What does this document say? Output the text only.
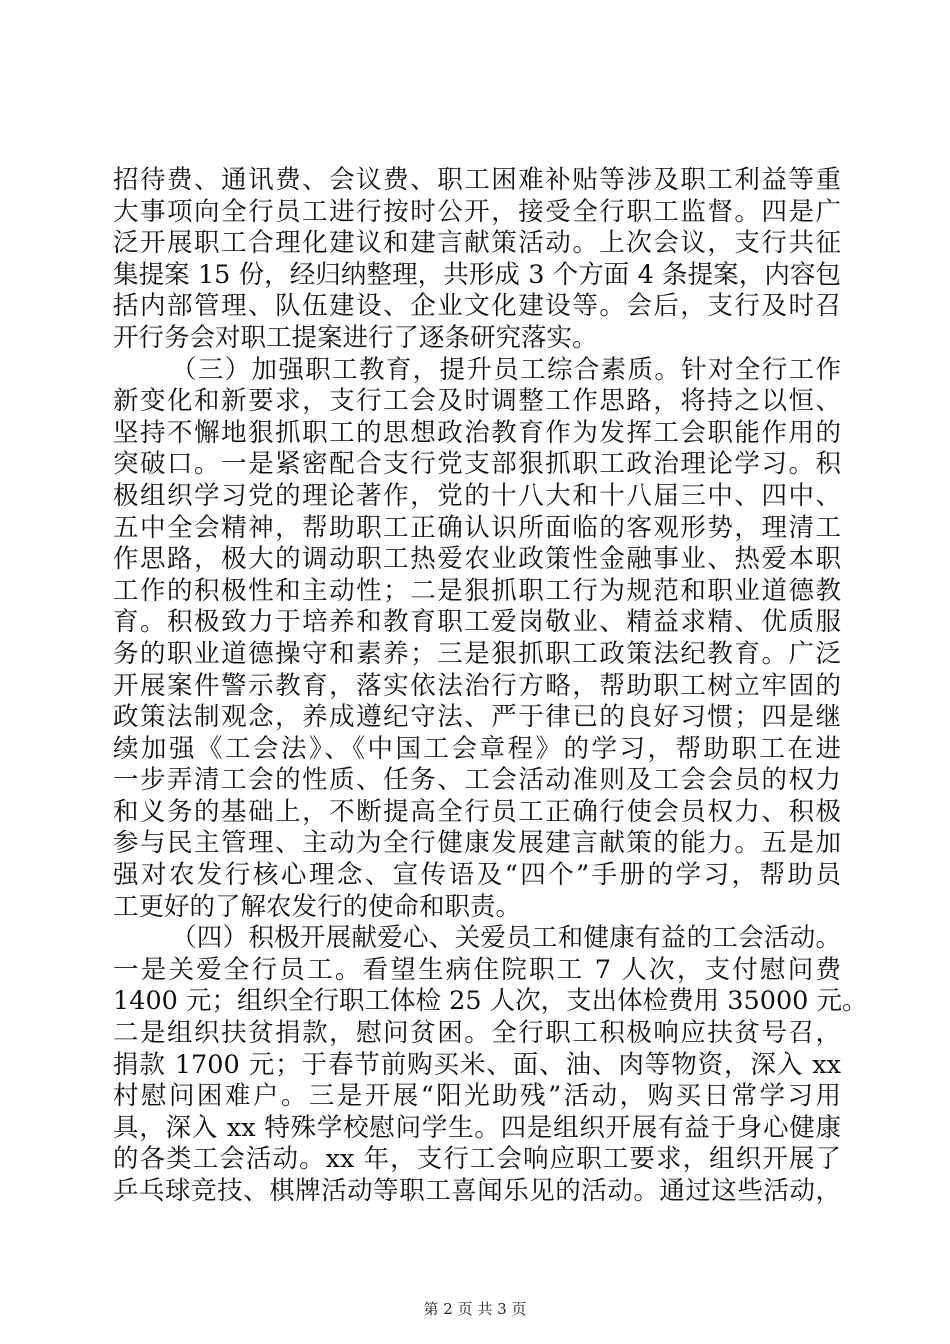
招待费、通讯费、会议费、职工困难补贴等涉及职工利益等重
大事项向全行员工进行按时公开，接受全行职工监督。四是广
泛开展职工合理化建议和建言献策活动。上次会议，支行共征
集提案 15 份，经归纳整理，共形成 3 个方面 4 条提案，内容包
括内部管理、队伍建设、企业文化建设等。会后，支行及时召
开行务会对职工提案进行了逐条研究落实。
（三）加强职工教育，提升员工综合素质。针对全行工作
新变化和新要求，支行工会及时调整工作思路，将持之以恒、
坚持不懈地狠抓职工的思想政治教育作为发挥工会职能作用的
突破口。一是紧密配合支行党支部狠抓职工政治理论学习。积
极组织学习党的理论著作，党的十八大和十八届三中、四中、
五中全会精神，帮助职工正确认识所面临的客观形势，理清工
作思路，极大的调动职工热爱农业政策性金融事业、热爱本职
工作的积极性和主动性；二是狠抓职工行为规范和职业道德教
育。积极致力于培养和教育职工爱岗敬业、精益求精、优质服
务的职业道德操守和素养；三是狠抓职工政策法纪教育。广泛
开展案件警示教育，落实依法治行方略，帮助职工树立牢固的
政策法制观念，养成遵纪守法、严于律已的良好习惯；四是继
续加强《工会法》、《中国工会章程》的学习，帮助职工在进
一步弄清工会的性质、任务、工会活动准则及工会会员的权力
和义务的基础上，不断提高全行员工正确行使会员权力、积极
参与民主管理、主动为全行健康发展建言献策的能力。五是加
强对农发行核心理念、宣传语及“四个”手册的学习，帮助员
工更好的了解农发行的使命和职责。
（四）积极开展献爱心、关爱员工和健康有益的工会活动。
一是关爱全行员工。看望生病住院职工 7 人次，支付慰问费
1400 元；组织全行职工体检 25 人次，支出体检费用 35000 元。
二是组织扶贫捐款，慰问贫困。全行职工积极响应扶贫号召，
捐款 1700 元；于春节前购买米、面、油、肉等物资，深入 xx
村慰问困难户。三是开展“阳光助残”活动，购买日常学习用
具，深入 xx 特殊学校慰问学生。四是组织开展有益于身心健康
的各类工会活动。xx 年，支行工会响应职工要求，组织开展了
乒乓球竞技、棋牌活动等职工喜闻乐见的活动。通过这些活动，
第 2 页 共 3 页
